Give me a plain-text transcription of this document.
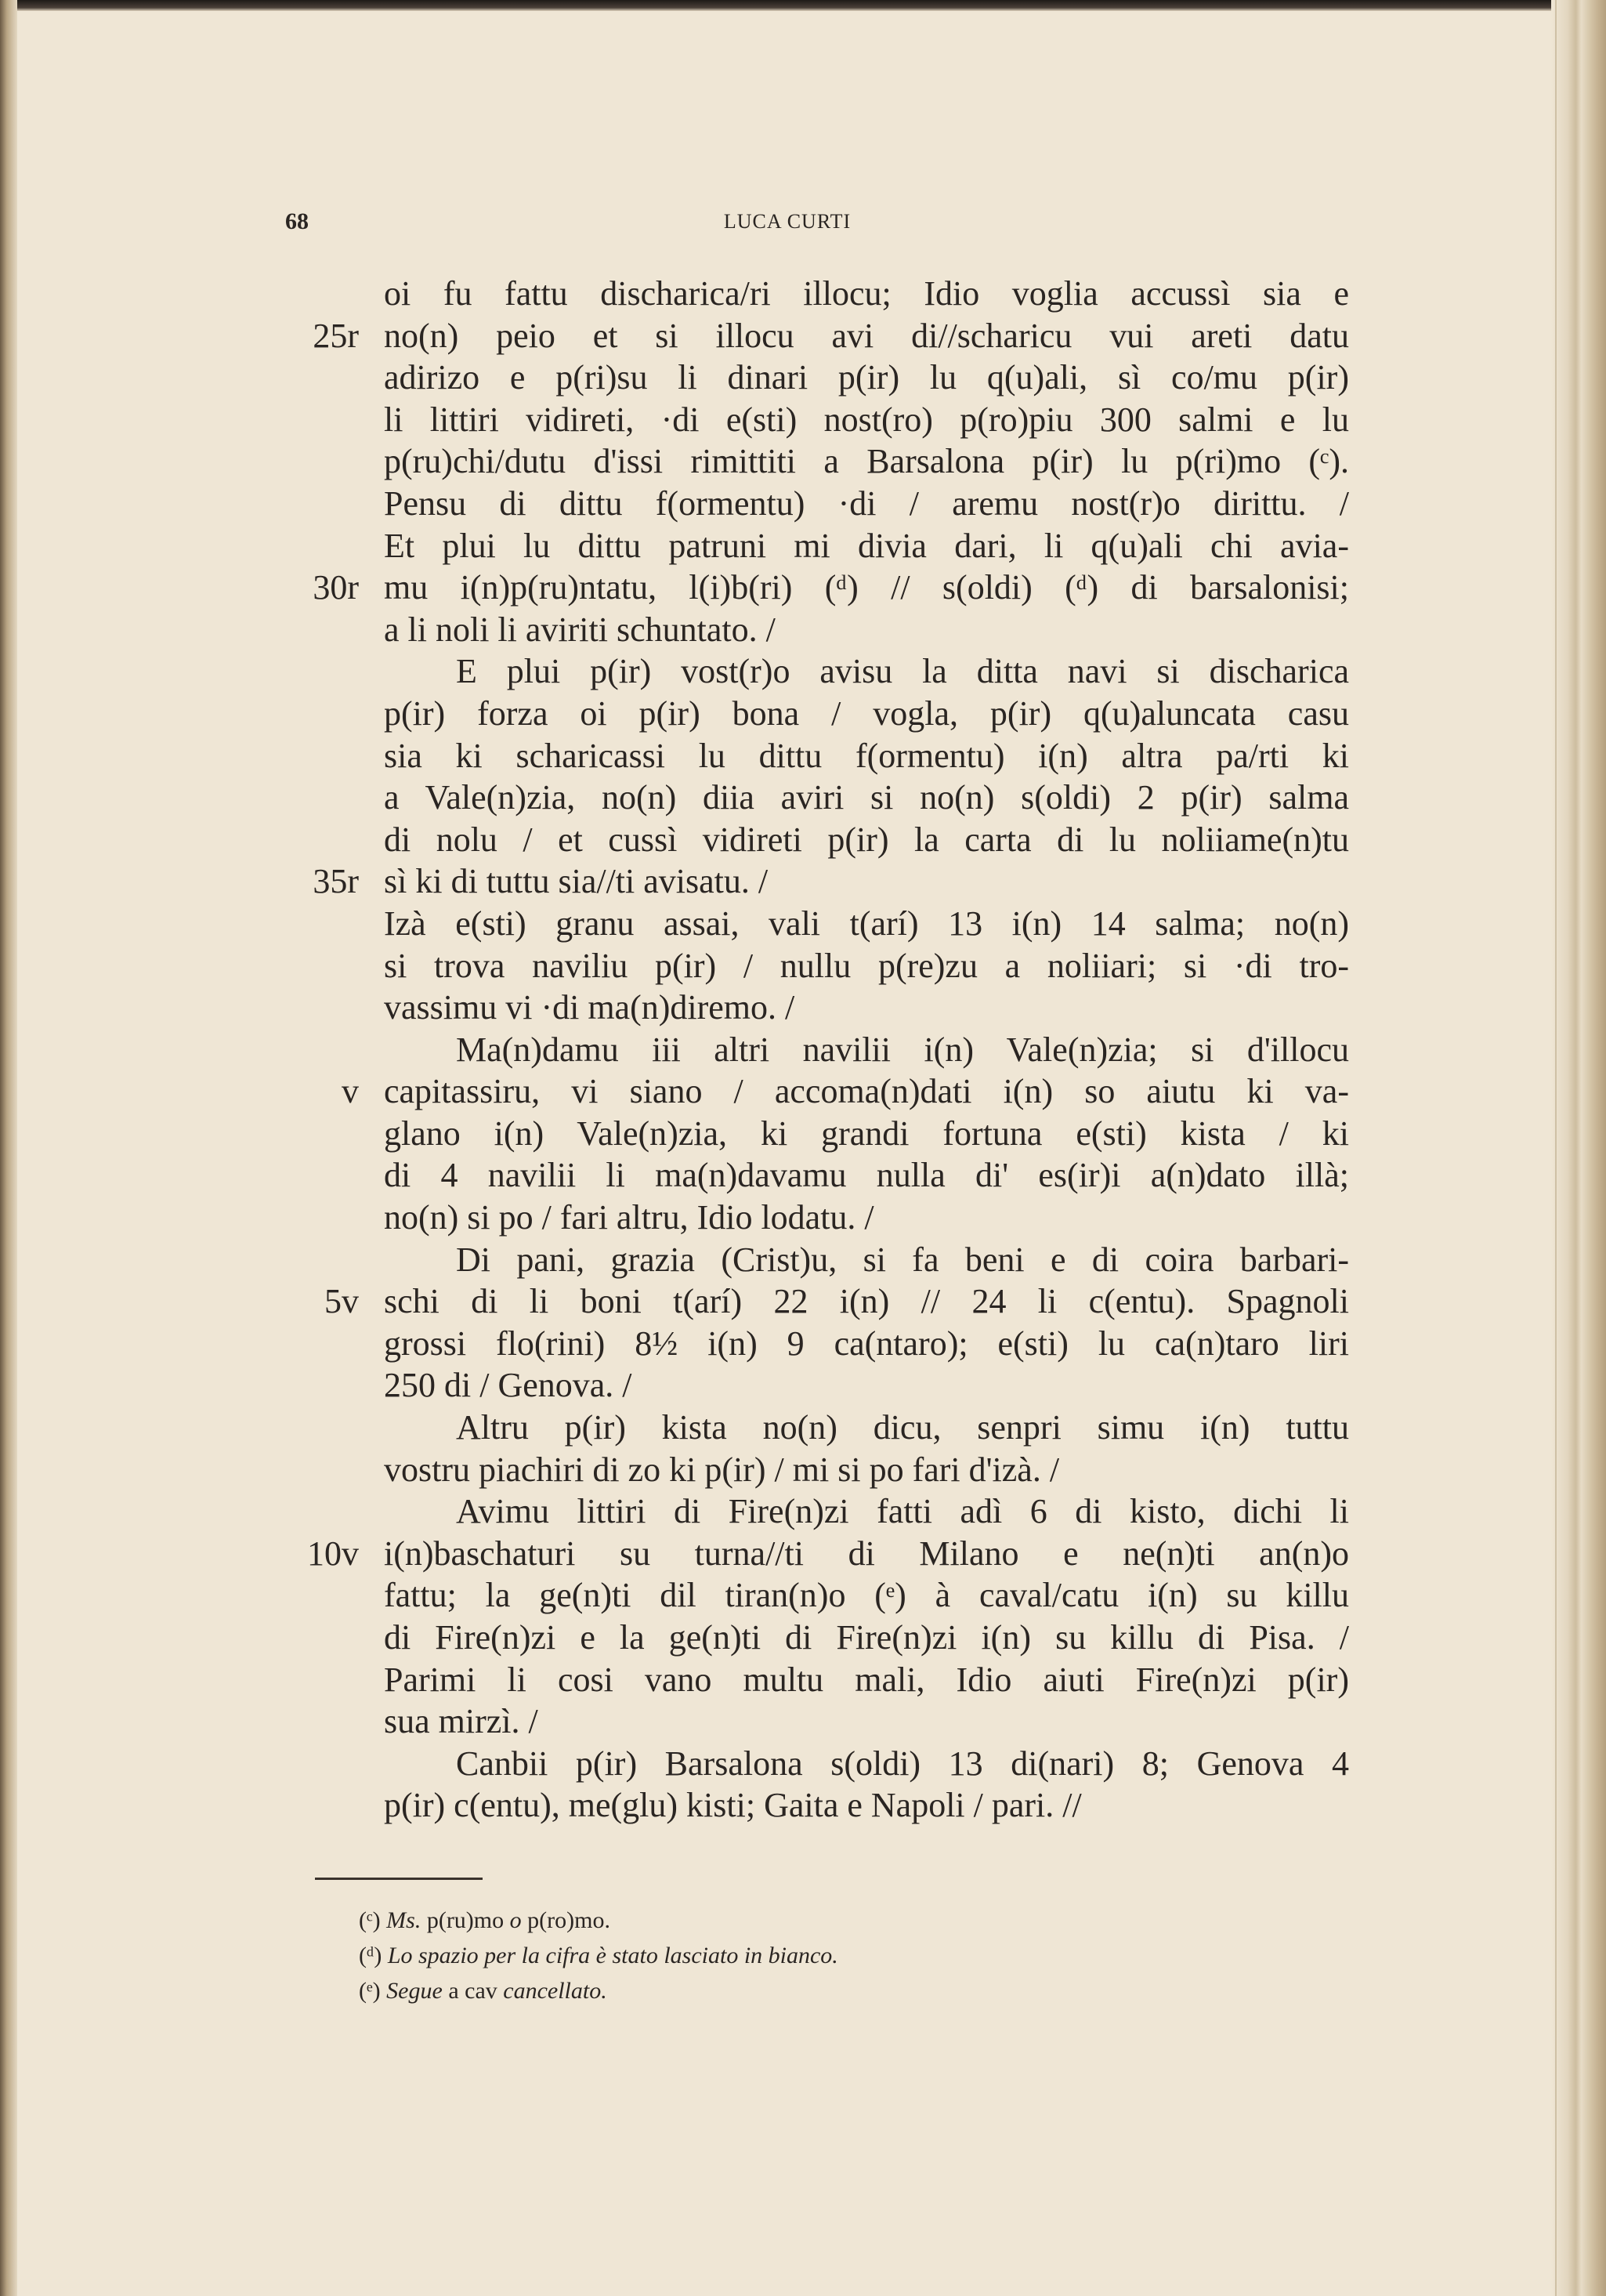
68	LUCA CURTI
oi fu fattu discharica/ri illocu; Idio voglia accussì sia e
no(n) peio et si illocu avi di//scharicu vui areti datu
25r
adirizo e p(ri)su li dinari p(ir) lu q(u)ali, sì co/mu p(ir)
li littiri vidireti, ·di e(sti) nost(ro) p(ro)piu 300 salmi e lu
p(ru)chi/dutu d'issi rimittiti a Barsalona p(ir) lu p(ri)mo (ᶜ).
Pensu di dittu f(ormentu) ·di / aremu nost(r)o dirittu. /
Et plui lu dittu patruni mi divia dari, li q(u)ali chi avia-
mu i(n)p(ru)ntatu, l(i)b(ri) (ᵈ) // s(oldi) (ᵈ) di barsalonisi;
30r
a li noli li aviriti schuntato. /
E plui p(ir) vost(r)o avisu la ditta navi si discharica
p(ir) forza oi p(ir) bona / vogla, p(ir) q(u)aluncata casu
sia ki scharicassi lu dittu f(ormentu) i(n) altra pa/rti ki
a Vale(n)zia, no(n) diia aviri si no(n) s(oldi) 2 p(ir) salma
di nolu / et cussì vidireti p(ir) la carta di lu noliiame(n)tu
sì ki di tuttu sia//ti avisatu. /
35r
Izà e(sti) granu assai, vali t(arí) 13 i(n) 14 salma; no(n)
si trova naviliu p(ir) / nullu p(re)zu a noliiari; si ·di tro-
vassimu vi ·di ma(n)diremo. /
Ma(n)damu iii altri navilii i(n) Vale(n)zia; si d'illocu
capitassiru, vi siano / accoma(n)dati i(n) so aiutu ki va-
v
glano i(n) Vale(n)zia, ki grandi fortuna e(sti) kista / ki
di 4 navilii li ma(n)davamu nulla di' es(ir)i a(n)dato illà;
no(n) si po / fari altru, Idio lodatu. /
Di pani, grazia (Crist)u, si fa beni e di coira barbari-
schi di li boni t(arí) 22 i(n) // 24 li c(entu). Spagnoli
5v
grossi flo(rini) 8½ i(n) 9 ca(ntaro); e(sti) lu ca(n)taro liri
250 di / Genova. /
Altru p(ir) kista no(n) dicu, senpri simu i(n) tuttu
vostru piachiri di zo ki p(ir) / mi si po fari d'izà. /
Avimu littiri di Fire(n)zi fatti adì 6 di kisto, dichi li
i(n)baschaturi su turna//ti di Milano e ne(n)ti an(n)o
10v
fattu; la ge(n)ti dil tiran(n)o (ᵉ) à caval/catu i(n) su killu
di Fire(n)zi e la ge(n)ti di Fire(n)zi i(n) su killu di Pisa. /
Parimi li cosi vano multu mali, Idio aiuti Fire(n)zi p(ir)
sua mirzì. /
Canbii p(ir) Barsalona s(oldi) 13 di(nari) 8; Genova 4
p(ir) c(entu), me(glu) kisti; Gaita e Napoli / pari. //
(ᶜ) Ms. p(ru)mo o p(ro)mo.
(ᵈ) Lo spazio per la cifra è stato lasciato in bianco.
(ᵉ) Segue a cav cancellato.
